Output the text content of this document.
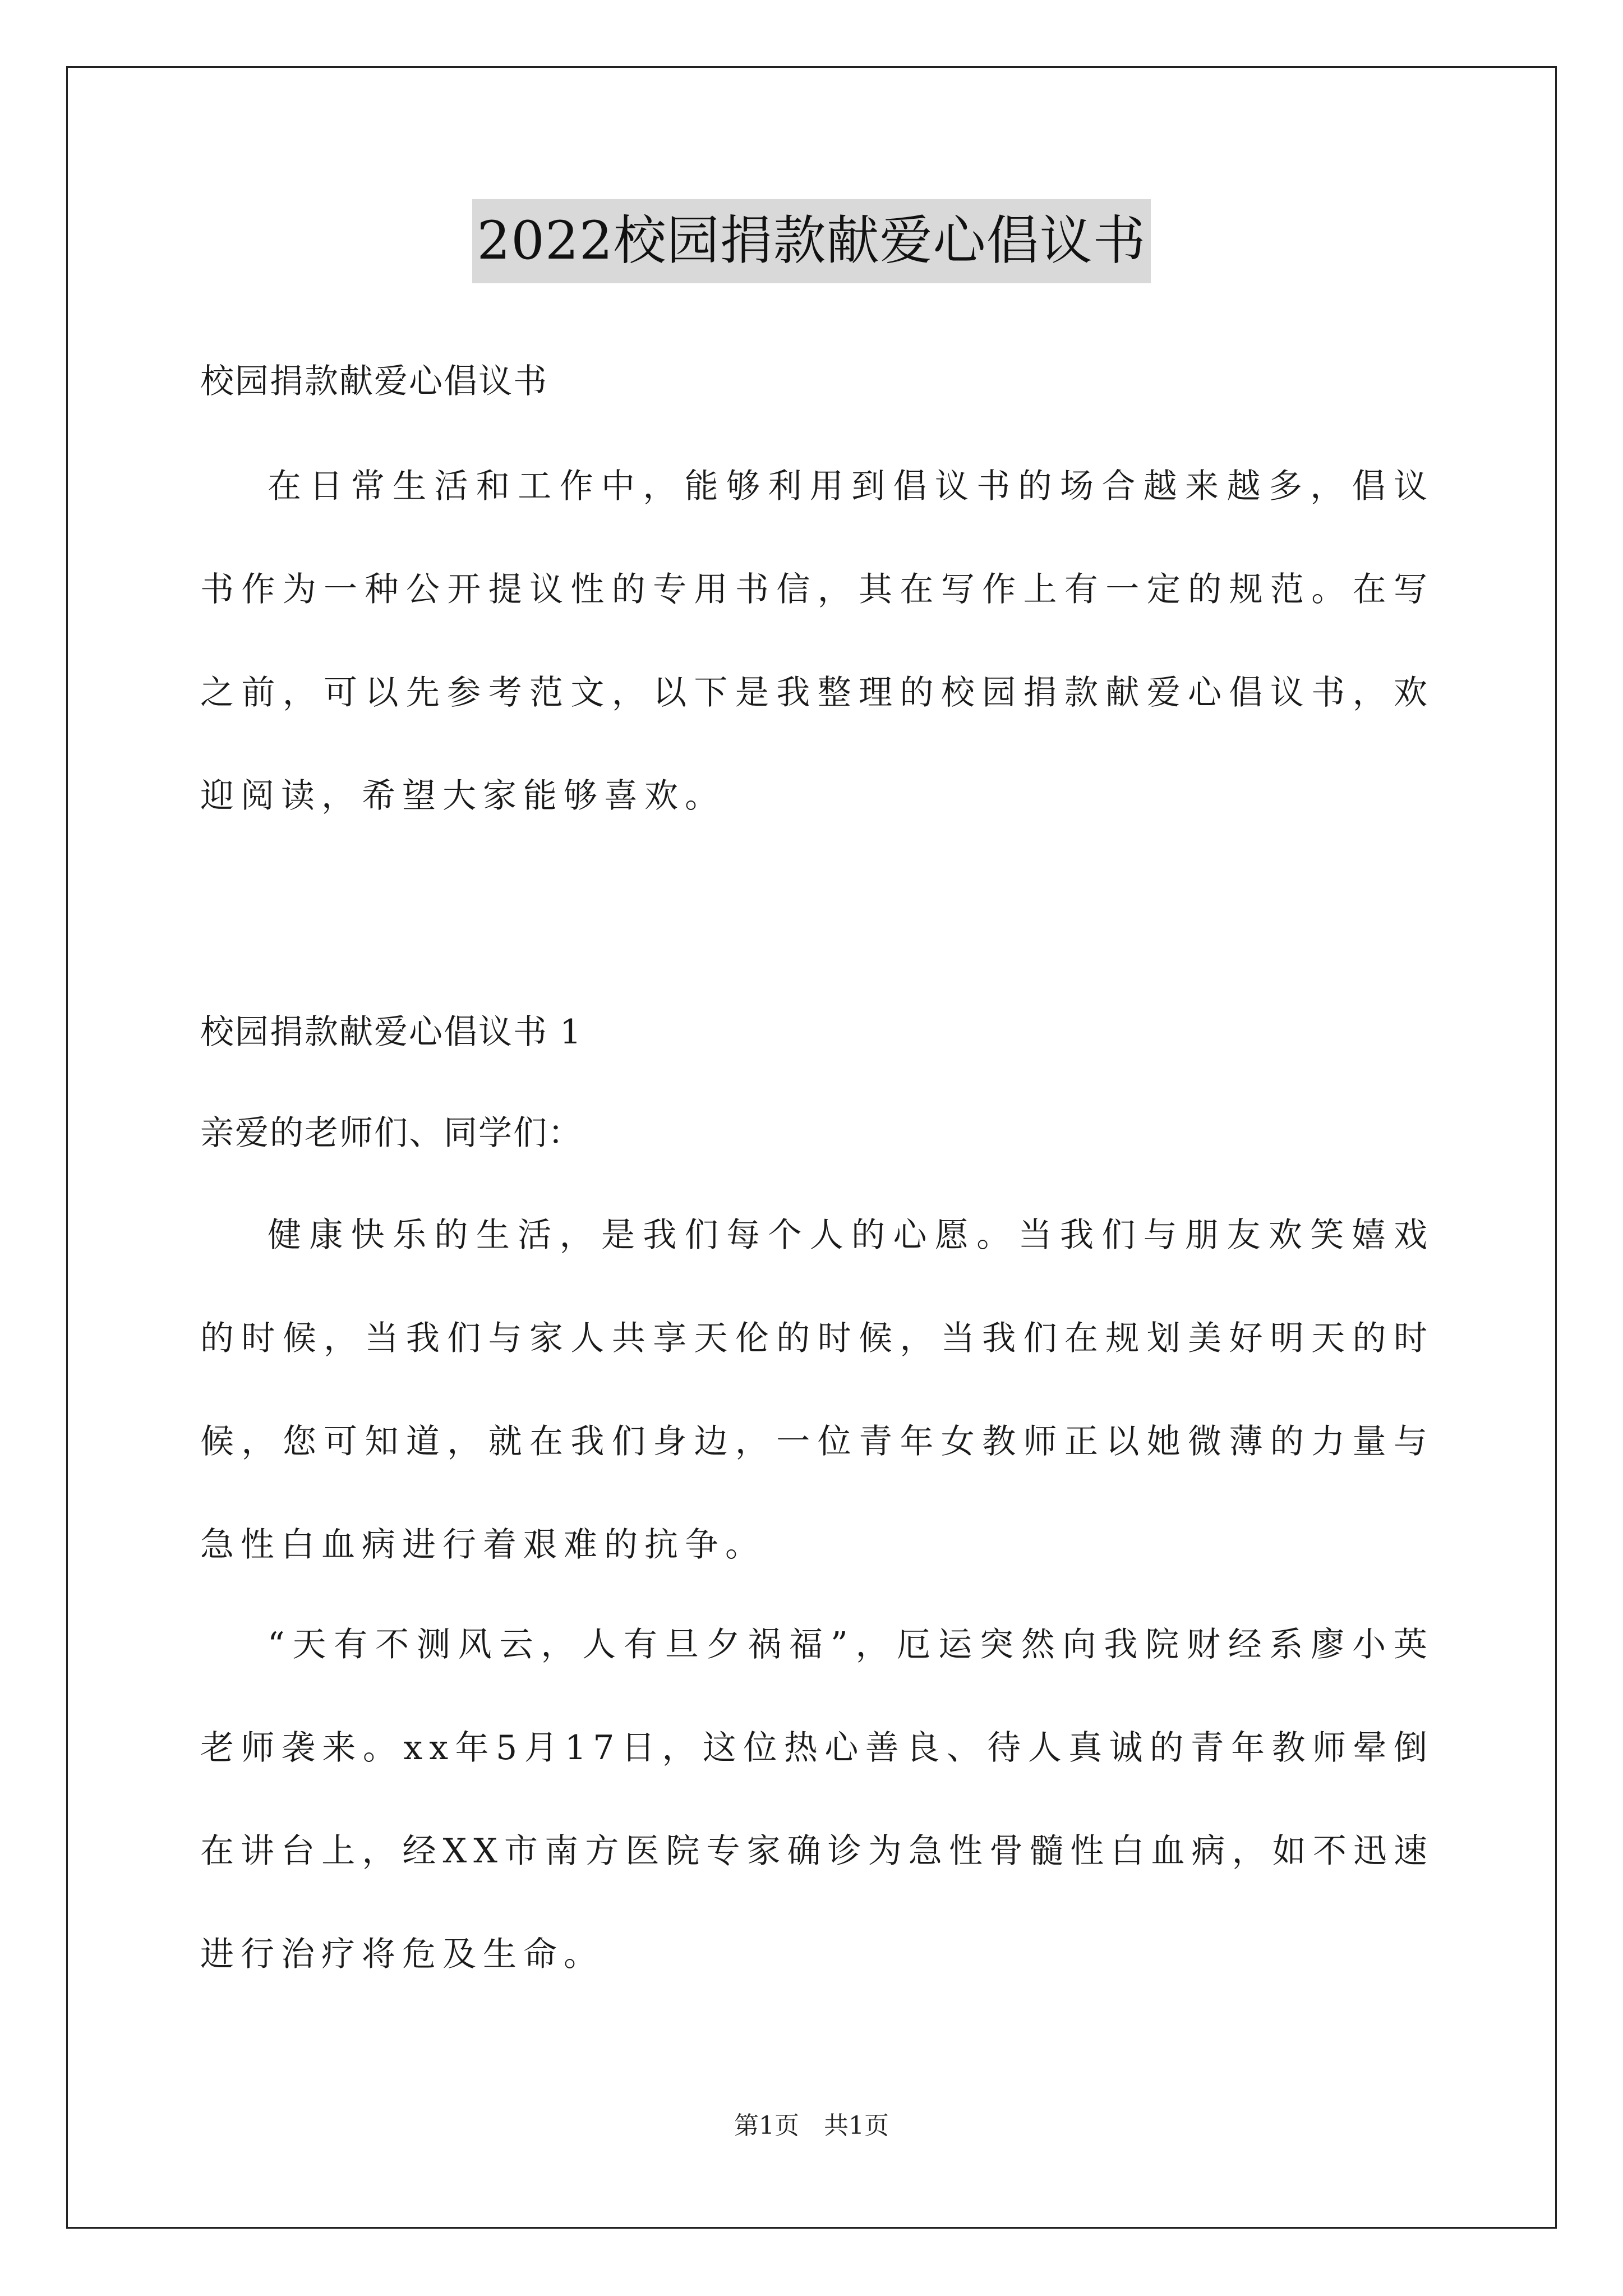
2022校园捐款献爱心倡议书

校园捐款献爱心倡议书

在日常生活和工作中，能够利用到倡议书的场合越来越多，倡议书作为一种公开提议性的专用书信，其在写作上有一定的规范。在写之前，可以先参考范文，以下是我整理的校园捐款献爱心倡议书，欢迎阅读，希望大家能够喜欢。

校园捐款献爱心倡议书 1

亲爱的老师们、同学们：

健康快乐的生活，是我们每个人的心愿。当我们与朋友欢笑嬉戏的时候，当我们与家人共享天伦的时候，当我们在规划美好明天的时候，您可知道，就在我们身边，一位青年女教师正以她微薄的力量与急性白血病进行着艰难的抗争。

“天有不测风云，人有旦夕祸福”，厄运突然向我院财经系廖小英老师袭来。xx年5月17日，这位热心善良、待人真诚的青年教师晕倒在讲台上，经XX市南方医院专家确诊为急性骨髓性白血病，如不迅速进行治疗将危及生命。

第1页　共1页
